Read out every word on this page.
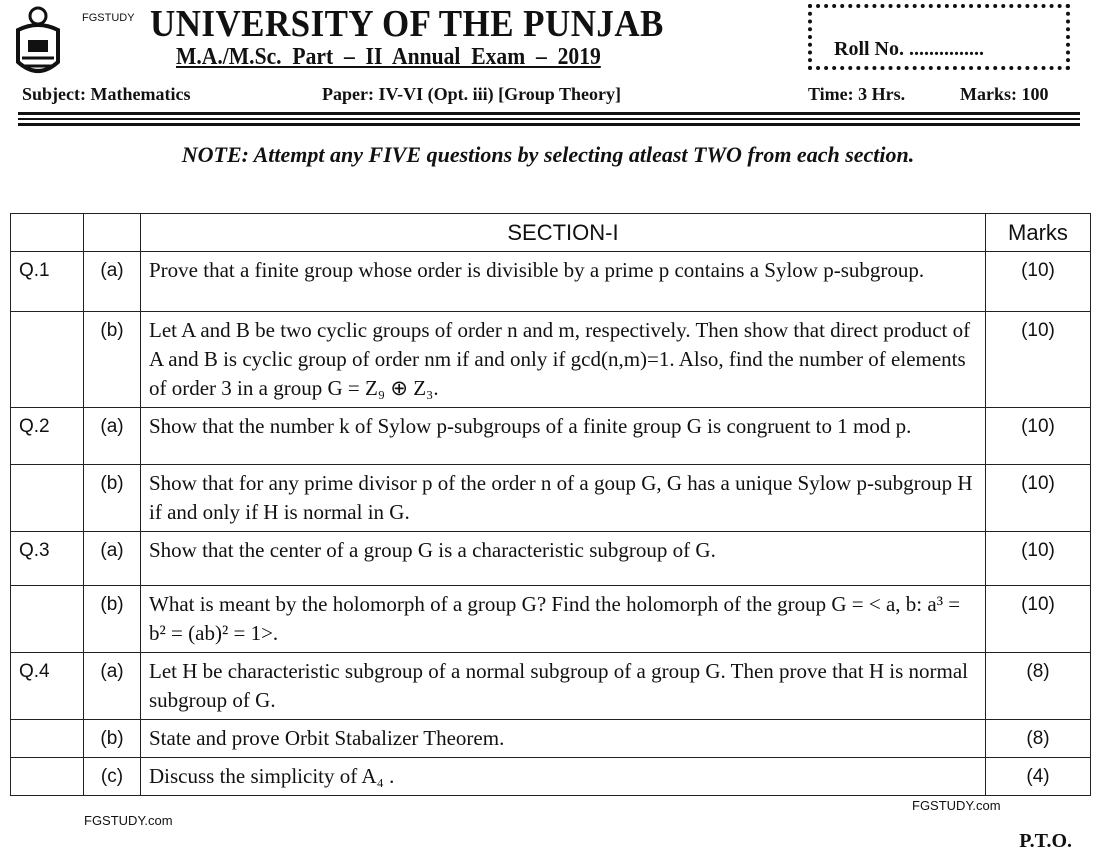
FGSTUDY UNIVERSITY OF THE PUNJAB
M.A./M.Sc. Part – II Annual Exam – 2019
Subject: Mathematics	Paper: IV-VI (Opt. iii) [Group Theory]	Time: 3 Hrs.	Marks: 100
Roll No. ...............
NOTE: Attempt any FIVE questions by selecting atleast TWO from each section.
		SECTION-I	Marks
Q.1	(a)	Prove that a finite group whose order is divisible by a prime p contains a Sylow p-subgroup.	(10)
	(b)	Let A and B be two cyclic groups of order n and m, respectively. Then show that direct product of A and B is cyclic group of order nm if and only if gcd(n,m)=1. Also, find the number of elements of order 3 in a group G = Z₉ ⊕ Z₃.	(10)
Q.2	(a)	Show that the number k of Sylow p-subgroups of a finite group G is congruent to 1 mod p.	(10)
	(b)	Show that for any prime divisor p of the order n of a goup G, G has a unique Sylow p-subgroup H if and only if H is normal in G.	(10)
Q.3	(a)	Show that the center of a group G is a characteristic subgroup of G.	(10)
	(b)	What is meant by the holomorph of a group G? Find the holomorph of the group G = < a, b: a³ = b² = (ab)² = 1>.	(10)
Q.4	(a)	Let H be characteristic subgroup of a normal subgroup of a group G. Then prove that H is normal subgroup of G.	(8)
	(b)	State and prove Orbit Stabalizer Theorem.	(8)
	(c)	Discuss the simplicity of A₄ .	(4)
FGSTUDY.com
FGSTUDY.com
P.T.O.
